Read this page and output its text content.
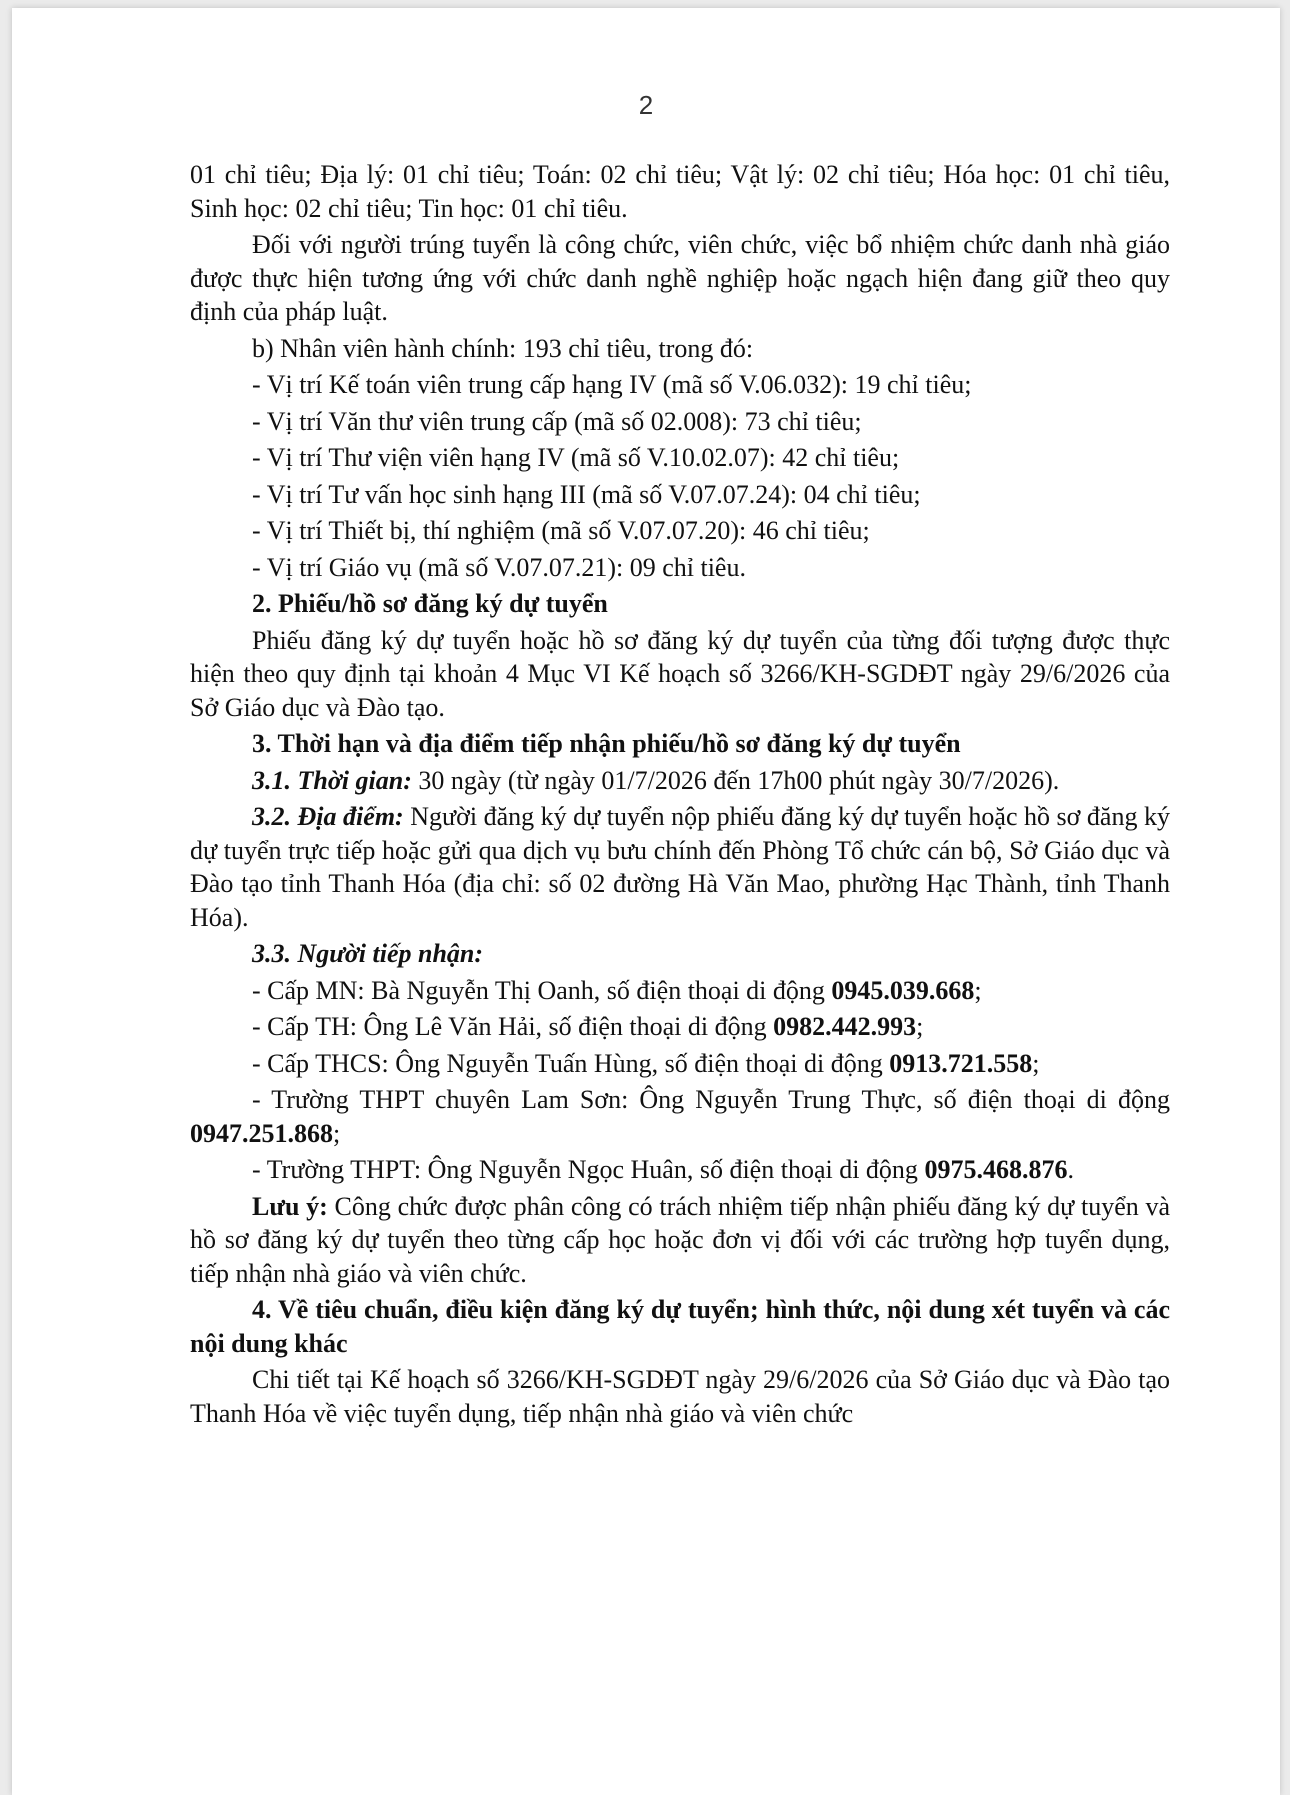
2

01 chỉ tiêu; Địa lý: 01 chỉ tiêu; Toán: 02 chỉ tiêu; Vật lý: 02 chỉ tiêu; Hóa học: 01 chỉ tiêu, Sinh học: 02 chỉ tiêu; Tin học: 01 chỉ tiêu.

Đối với người trúng tuyển là công chức, viên chức, việc bổ nhiệm chức danh nhà giáo được thực hiện tương ứng với chức danh nghề nghiệp hoặc ngạch hiện đang giữ theo quy định của pháp luật.

b) Nhân viên hành chính: 193 chỉ tiêu, trong đó:

- Vị trí Kế toán viên trung cấp hạng IV (mã số V.06.032): 19 chỉ tiêu;

- Vị trí Văn thư viên trung cấp (mã số 02.008): 73 chỉ tiêu;

- Vị trí Thư viện viên hạng IV (mã số V.10.02.07): 42 chỉ tiêu;

- Vị trí Tư vấn học sinh hạng III (mã số V.07.07.24): 04 chỉ tiêu;

- Vị trí Thiết bị, thí nghiệm (mã số V.07.07.20): 46 chỉ tiêu;

- Vị trí Giáo vụ (mã số V.07.07.21): 09 chỉ tiêu.

2. Phiếu/hồ sơ đăng ký dự tuyển

Phiếu đăng ký dự tuyển hoặc hồ sơ đăng ký dự tuyển của từng đối tượng được thực hiện theo quy định tại khoản 4 Mục VI Kế hoạch số 3266/KH-SGDĐT ngày 29/6/2026 của Sở Giáo dục và Đào tạo.

3. Thời hạn và địa điểm tiếp nhận phiếu/hồ sơ đăng ký dự tuyển

3.1. Thời gian: 30 ngày (từ ngày 01/7/2026 đến 17h00 phút ngày 30/7/2026).

3.2. Địa điểm: Người đăng ký dự tuyển nộp phiếu đăng ký dự tuyển hoặc hồ sơ đăng ký dự tuyển trực tiếp hoặc gửi qua dịch vụ bưu chính đến Phòng Tổ chức cán bộ, Sở Giáo dục và Đào tạo tỉnh Thanh Hóa (địa chỉ: số 02 đường Hà Văn Mao, phường Hạc Thành, tỉnh Thanh Hóa).

3.3. Người tiếp nhận:

- Cấp MN: Bà Nguyễn Thị Oanh, số điện thoại di động 0945.039.668;

- Cấp TH: Ông Lê Văn Hải, số điện thoại di động 0982.442.993;

- Cấp THCS: Ông Nguyễn Tuấn Hùng, số điện thoại di động 0913.721.558;

- Trường THPT chuyên Lam Sơn: Ông Nguyễn Trung Thực, số điện thoại di động 0947.251.868;

- Trường THPT: Ông Nguyễn Ngọc Huân, số điện thoại di động 0975.468.876.

Lưu ý: Công chức được phân công có trách nhiệm tiếp nhận phiếu đăng ký dự tuyển và hồ sơ đăng ký dự tuyển theo từng cấp học hoặc đơn vị đối với các trường hợp tuyển dụng, tiếp nhận nhà giáo và viên chức.

4. Về tiêu chuẩn, điều kiện đăng ký dự tuyển; hình thức, nội dung xét tuyển và các nội dung khác

Chi tiết tại Kế hoạch số 3266/KH-SGDĐT ngày 29/6/2026 của Sở Giáo dục và Đào tạo Thanh Hóa về việc tuyển dụng, tiếp nhận nhà giáo và viên chức
